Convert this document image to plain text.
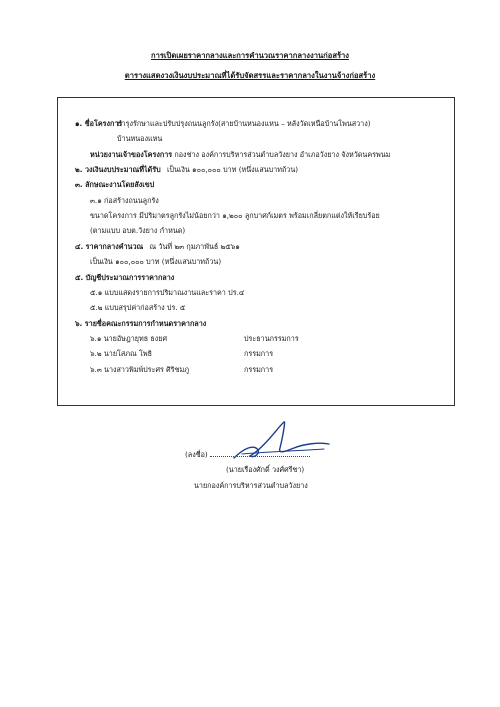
การเปิดเผยราคากลางและการคำนวณราคากลางงานก่อสร้าง
ตารางแสดงวงเงินงบประมาณที่ได้รับจัดสรรและราคากลางในงานจ้างก่อสร้าง
๑. ชื่อโครงการ
บำรุงรักษาและปรับปรุงถนนลูกรัง(สายบ้านหนองแหน – หลังวัดเหนือบ้านโพนสวาง)
บ้านหนองแหน
หน่วยงานเจ้าของโครงการ กองช่าง องค์การบริหารส่วนตำบลวังยาง อำเภอวังยาง จังหวัดนครพนม
๒. วงเงินงบประมาณที่ได้รับ เป็นเงิน ๑๐๐,๐๐๐ บาท (หนึ่งแสนบาทถ้วน)
๓. ลักษณะงานโดยสังเขป
๓.๑ ก่อสร้างถนนลูกรัง
ขนาดโครงการ มีปริมาตรลูกรังไม่น้อยกว่า ๑,๒๐๐ ลูกบาศก์เมตร พร้อมเกลี่ยตกแต่งให้เรียบร้อย
(ตามแบบ อบต.วังยาง กำหนด)
๔. ราคากลางคำนวณ ณ วันที่ ๒๓ กุมภาพันธ์ ๒๕๖๑
เป็นเงิน ๑๐๐,๐๐๐ บาท (หนึ่งแสนบาทถ้วน)
๕. บัญชีประมาณการราคากลาง
๕.๑ แบบแสดงรายการปริมาณงานและราคา ปร.๔
๕.๒ แบบสรุปค่าก่อสร้าง ปร. ๕
๖. รายชื่อคณะกรรมการกำหนดราคากลาง
๖.๑ นายอัษฎายุทธ ธงยศ	ประธานกรรมการ
๖.๒ นายโสภณ โพธิ	กรรมการ
๖.๓ นางสาวพิมพ์ประศร ศิริชมภู	กรรมการ
(ลงชื่อ)
(นายเรืองศักดิ์ วงศ์ศรีชา)
นายกองค์การบริหารส่วนตำบลวังยาง
